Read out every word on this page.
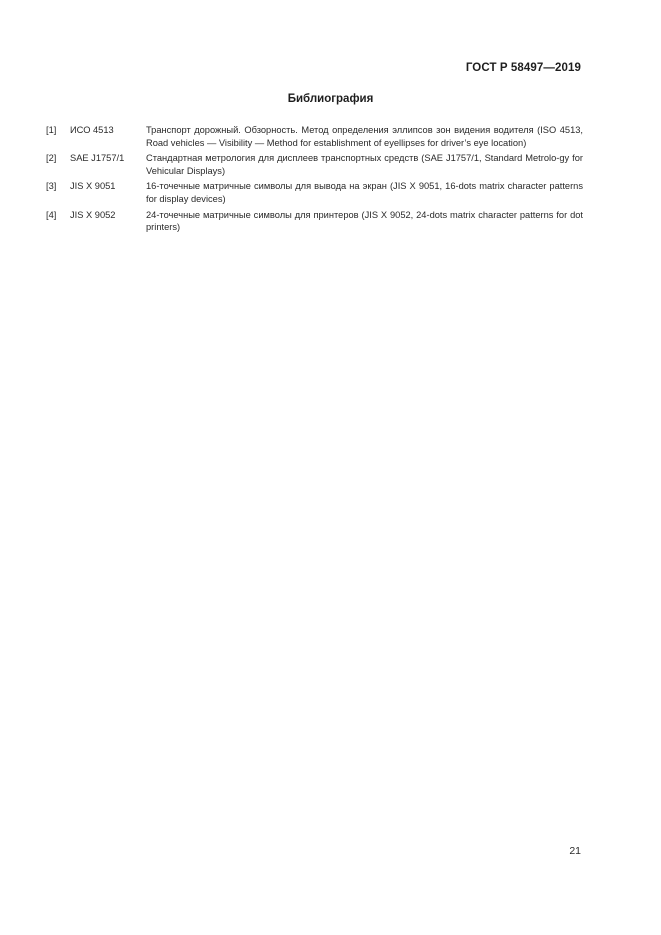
ГОСТ Р 58497—2019
Библиография
[1]	ИСО 4513	Транспорт дорожный. Обзорность. Метод определения эллипсов зон видения водителя (ISO 4513, Road vehicles — Visibility — Method for establishment of eyellipses for driver’s eye location)
[2]	SAE J1757/1	Стандартная метрология для дисплеев транспортных средств (SAE J1757/1, Standard Metrolo-gy for Vehicular Displays)
[3]	JIS X 9051	16-точечные матричные символы для вывода на экран (JIS X 9051, 16-dots matrix character patterns for display devices)
[4]	JIS X 9052	24-точечные матричные символы для принтеров (JIS X 9052, 24-dots matrix character patterns for dot printers)
21
